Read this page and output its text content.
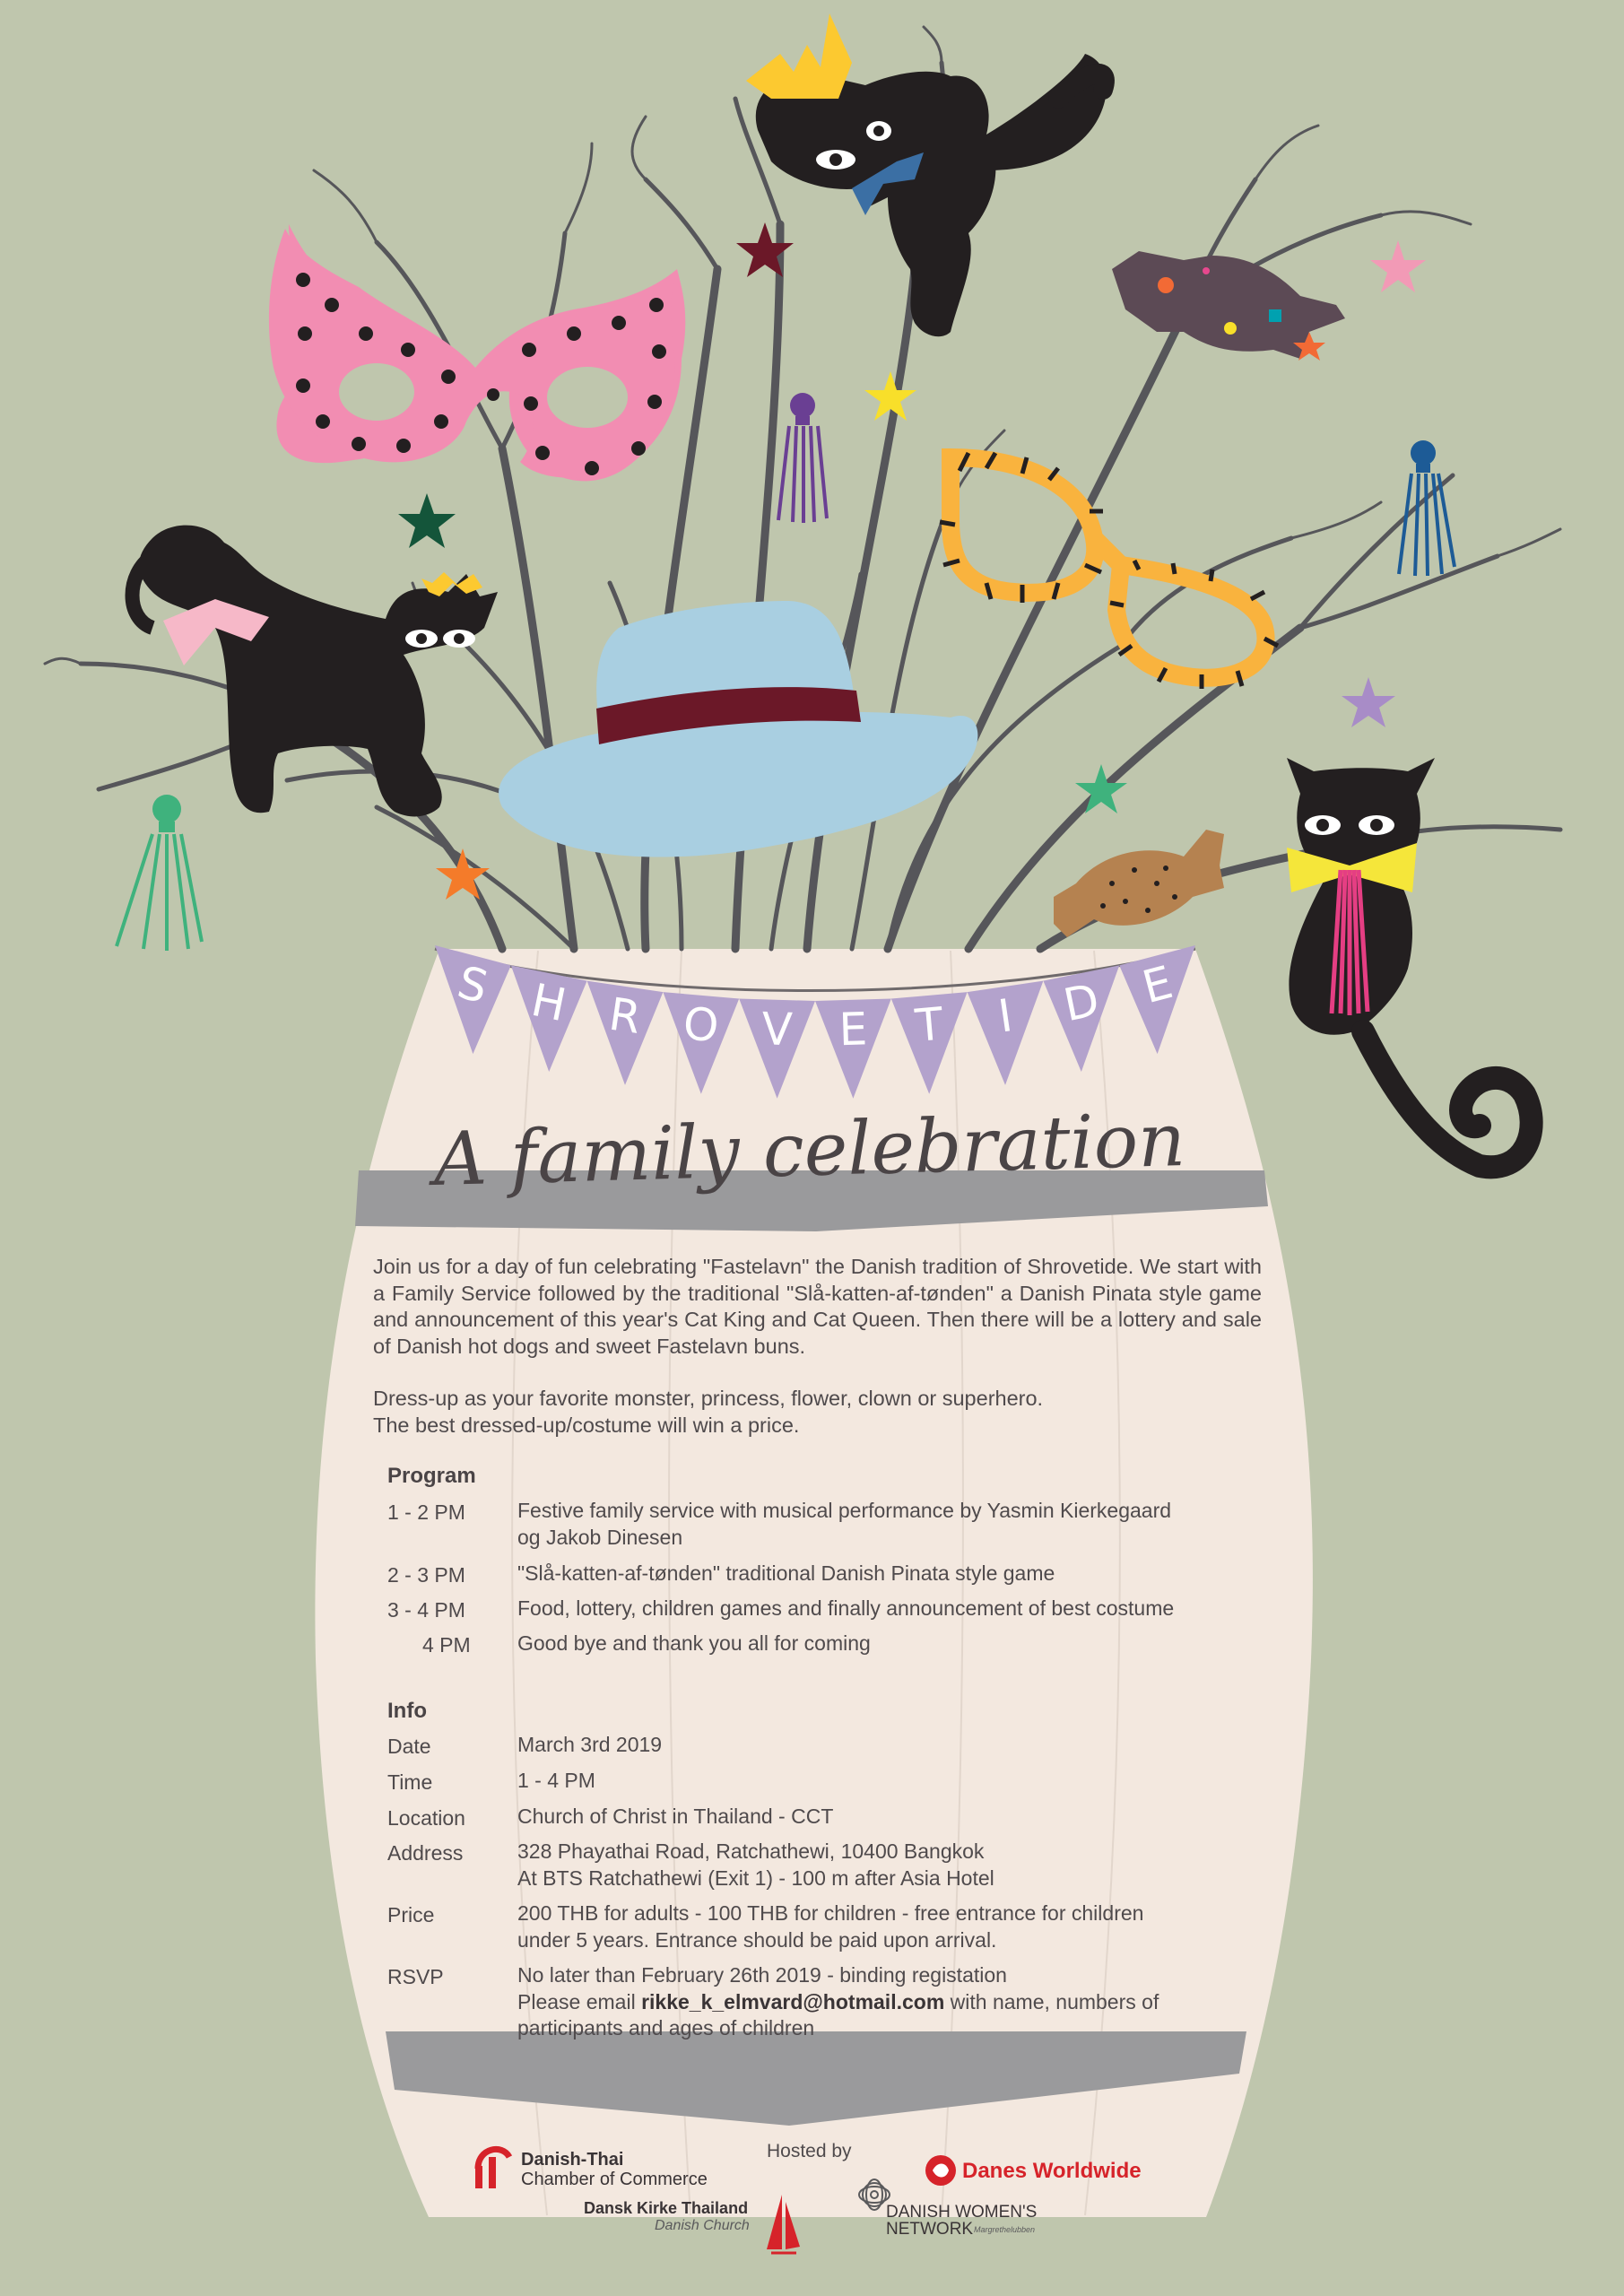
A family celebration
S H R O V E T I D E

Join us for a day of fun celebrating "Fastelavn" the Danish tradition of Shrovetide. We start with a Family Service followed by the traditional "Slå-katten-af-tønden" a Danish Pinata style game and announcement of this year's Cat King and Cat Queen. Then there will be a lottery and sale of Danish hot dogs and sweet Fastelavn buns.

Dress-up as your favorite monster, princess, flower, clown or superhero.

The best dressed-up/costume will win a price.

Program
1 - 2 PM	Festive family service with musical performance by Yasmin Kierkegaard
og Jakob Dinesen
2 - 3 PM	"Slå-katten-af-tønden" traditional Danish Pinata style game
3 - 4 PM	Food, lottery, children games and finally announcement of best costume
4 PM Good bye and thank you all for coming
Info
Date	March 3rd 2019
Time	1 - 4 PM
Location	Church of Christ in Thailand - CCT
Address	328 Phayathai Road, Ratchathewi, 10400 Bangkok
At BTS Ratchathewi (Exit 1) - 100 m after Asia Hotel
Price	200 THB for adults - 100 THB for children - free entrance for children
under 5 years. Entrance should be paid upon arrival.
RSVP	No later than February 26th 2019 - binding registation
Please email rikke_k_elmvard@hotmail.com with name, numbers of
participants and ages of children
Hosted by
Danish-Thai
Chamber of Commerce	Danes Worldwide
Dansk Kirke Thailand
Danish Church
DANISH WOMEN'S
NETWORK Margrethelubben
